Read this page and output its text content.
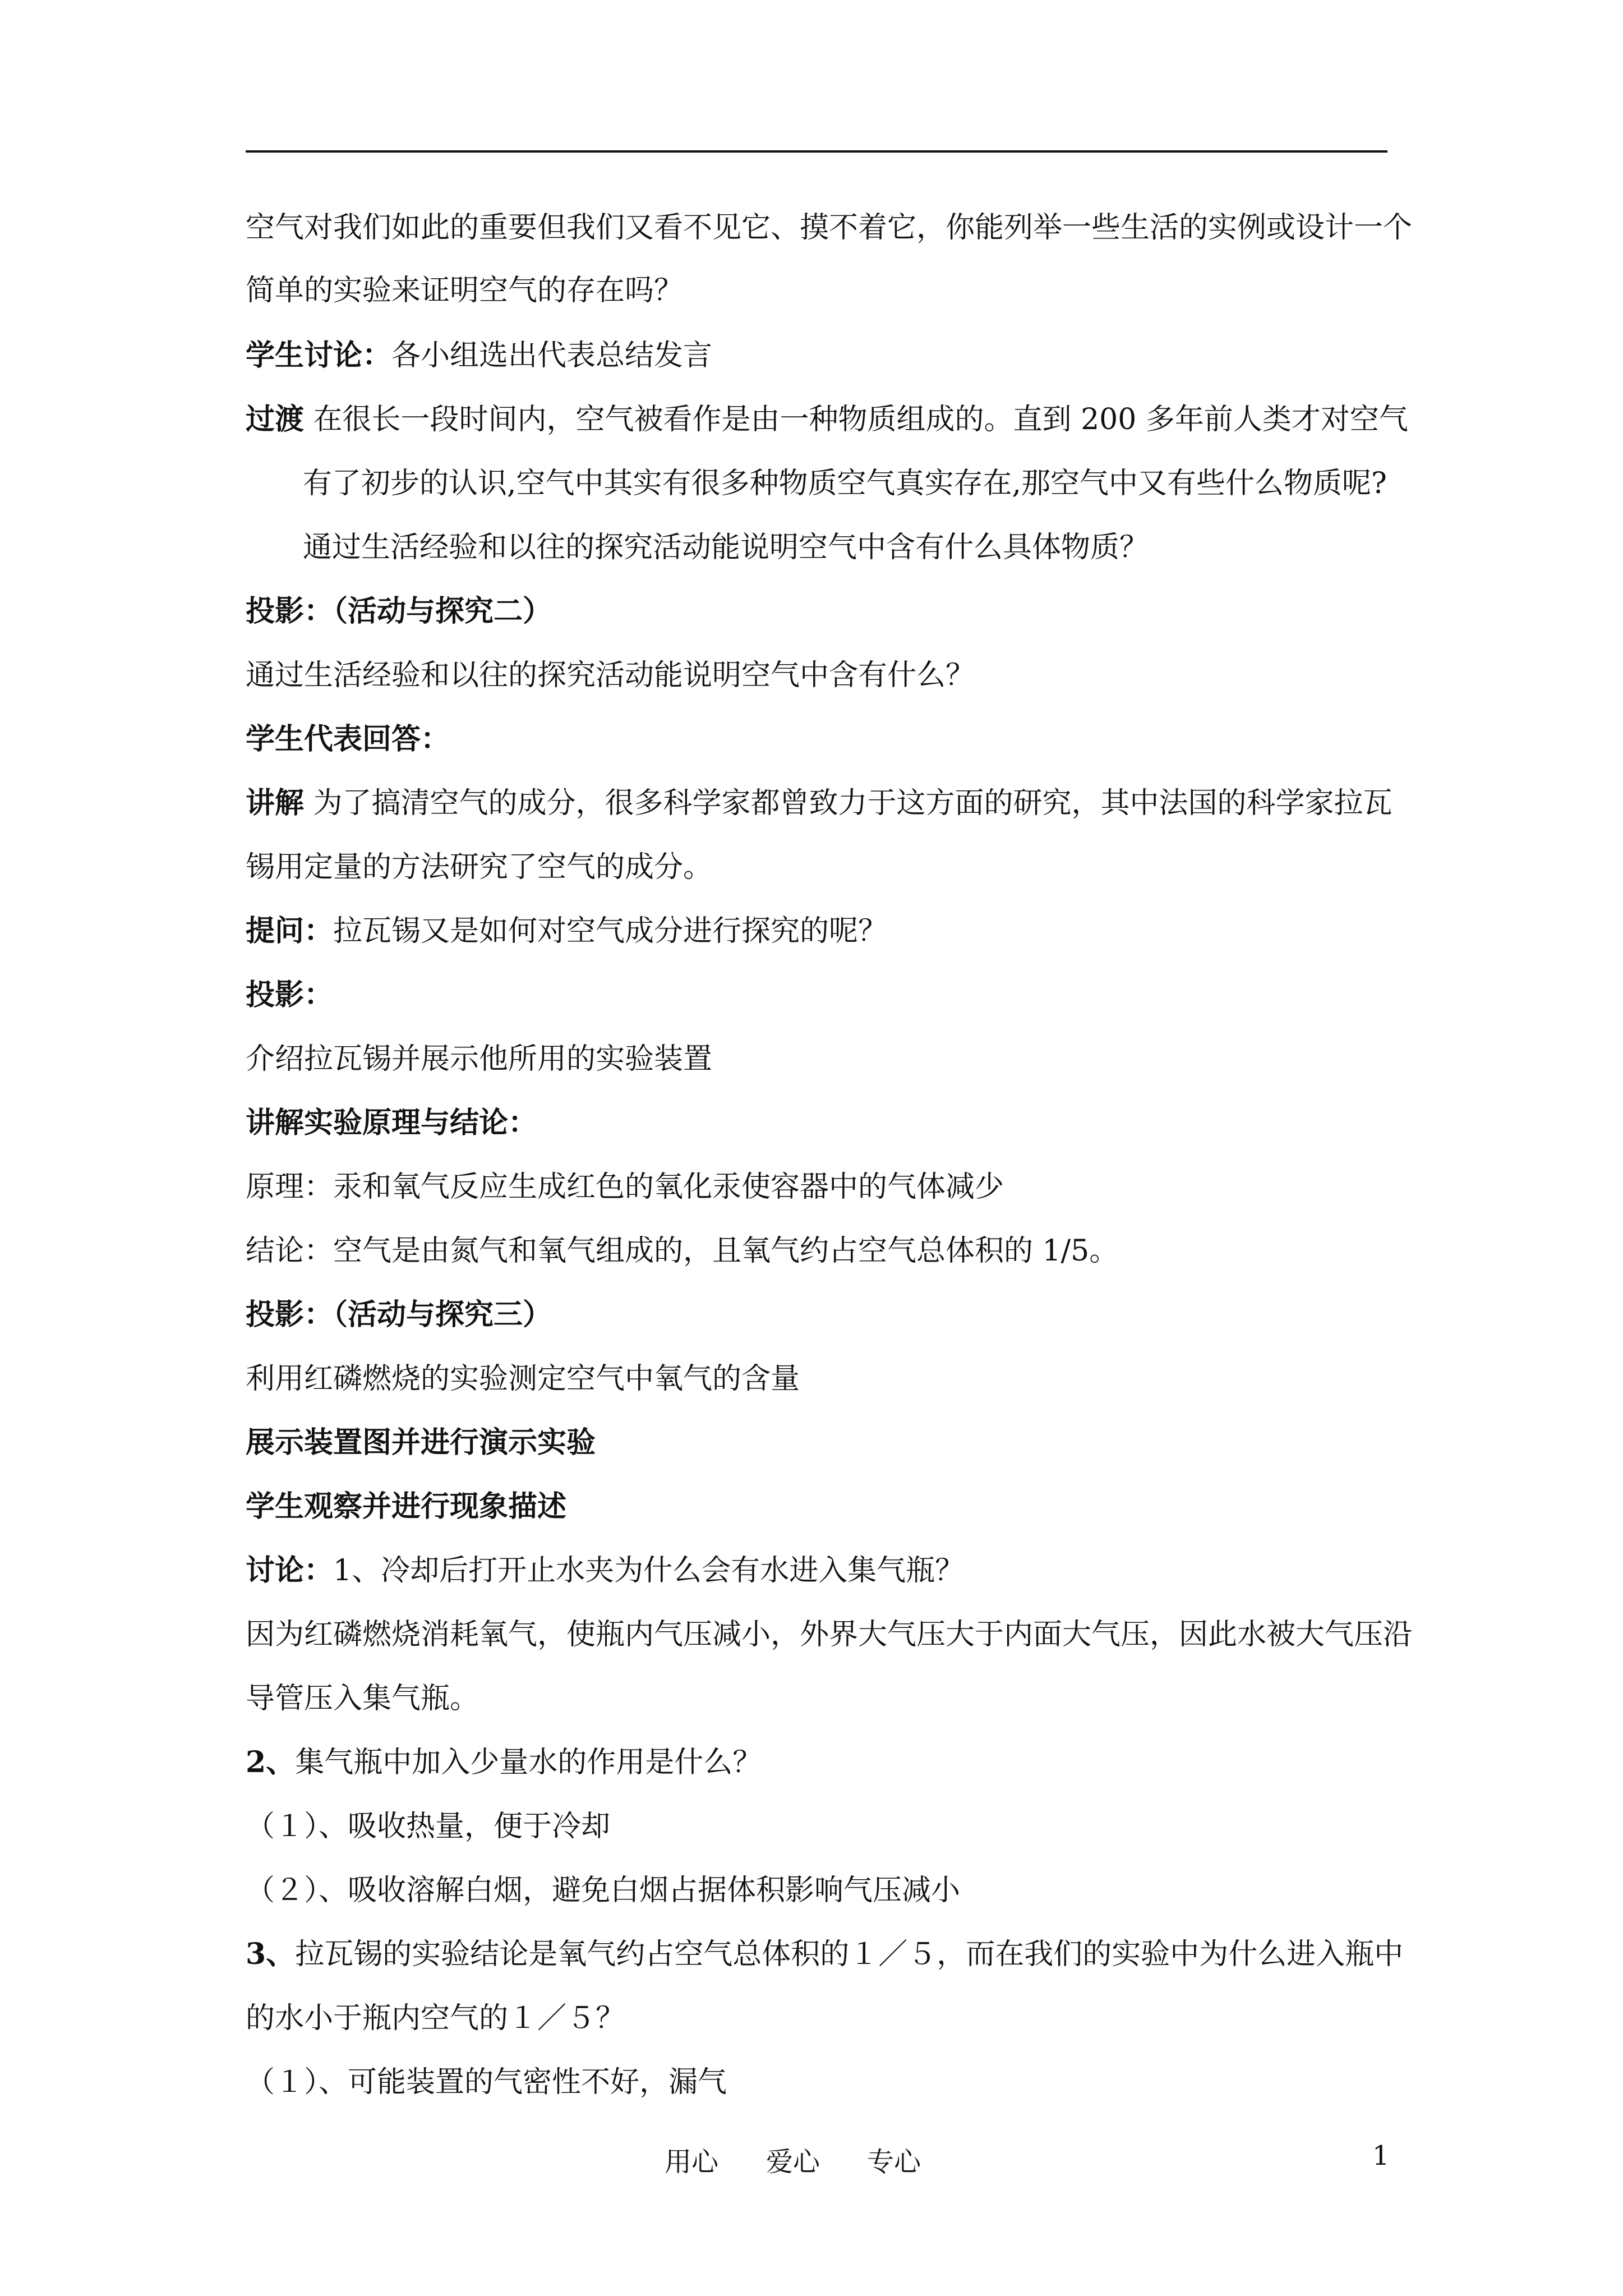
空气对我们如此的重要但我们又看不见它、摸不着它，你能列举一些生活的实例或设计一个
简单的实验来证明空气的存在吗？
学生讨论：各小组选出代表总结发言
过渡 在很长一段时间内，空气被看作是由一种物质组成的。直到 200 多年前人类才对空气
有了初步的认识,空气中其实有很多种物质空气真实存在,那空气中又有些什么物质呢?
通过生活经验和以往的探究活动能说明空气中含有什么具体物质？
投影：（活动与探究二）
通过生活经验和以往的探究活动能说明空气中含有什么？
学生代表回答：
讲解 为了搞清空气的成分，很多科学家都曾致力于这方面的研究，其中法国的科学家拉瓦
锡用定量的方法研究了空气的成分。
提问：拉瓦锡又是如何对空气成分进行探究的呢？
投影：
介绍拉瓦锡并展示他所用的实验装置
讲解实验原理与结论：
原理：汞和氧气反应生成红色的氧化汞使容器中的气体减少
结论：空气是由氮气和氧气组成的，且氧气约占空气总体积的 1/5。
投影：（活动与探究三）
利用红磷燃烧的实验测定空气中氧气的含量
展示装置图并进行演示实验
学生观察并进行现象描述
讨论：1、冷却后打开止水夹为什么会有水进入集气瓶？
因为红磷燃烧消耗氧气，使瓶内气压减小，外界大气压大于内面大气压，因此水被大气压沿
导管压入集气瓶。
2、集气瓶中加入少量水的作用是什么？
（１）、吸收热量，便于冷却
（２）、吸收溶解白烟，避免白烟占据体积影响气压减小
3、拉瓦锡的实验结论是氧气约占空气总体积的１／５，而在我们的实验中为什么进入瓶中
的水小于瓶内空气的１／５？
（１）、可能装置的气密性不好，漏气
用心 爱心 专心	1
